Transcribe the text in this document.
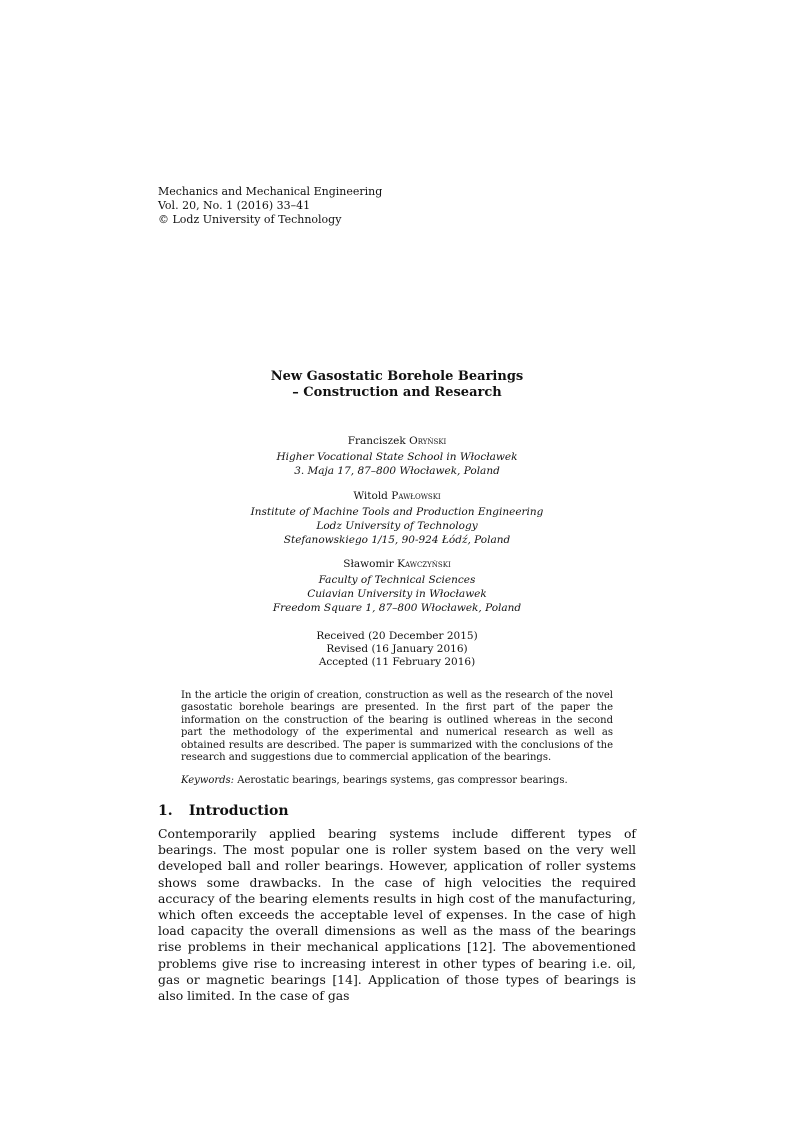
Mechanics and Mechanical Engineering
Vol. 20, No. 1 (2016) 33–41
© Lodz University of Technology
New Gasostatic Borehole Bearings
– Construction and Research
Franciszek Oryński
Higher Vocational State School in Włocławek
3. Maja 17, 87–800 Włocławek, Poland
Witold Pawłowski
Institute of Machine Tools and Production Engineering
Lodz University of Technology
Stefanowskiego 1/15, 90-924 Łódź, Poland
Sławomir Kawczyński
Faculty of Technical Sciences
Cuiavian University in Włocławek
Freedom Square 1, 87–800 Włocławek, Poland
Received (20 December 2015)
Revised (16 January 2016)
Accepted (11 February 2016)
In the article the origin of creation, construction as well as the research of the novel gasostatic borehole bearings are presented. In the first part of the paper the information on the construction of the bearing is outlined whereas in the second part the methodology of the experimental and numerical research as well as obtained results are described. The paper is summarized with the conclusions of the research and suggestions due to commercial application of the bearings.
Keywords: Aerostatic bearings, bearings systems, gas compressor bearings.
1. Introduction
Contemporarily applied bearing systems include different types of bearings. The most popular one is roller system based on the very well developed ball and roller bearings. However, application of roller systems shows some drawbacks. In the case of high velocities the required accuracy of the bearing elements results in high cost of the manufacturing, which often exceeds the acceptable level of expenses. In the case of high load capacity the overall dimensions as well as the mass of the bearings rise problems in their mechanical applications [12]. The abovementioned problems give rise to increasing interest in other types of bearing i.e. oil, gas or magnetic bearings [14]. Application of those types of bearings is also limited. In the case of gas
